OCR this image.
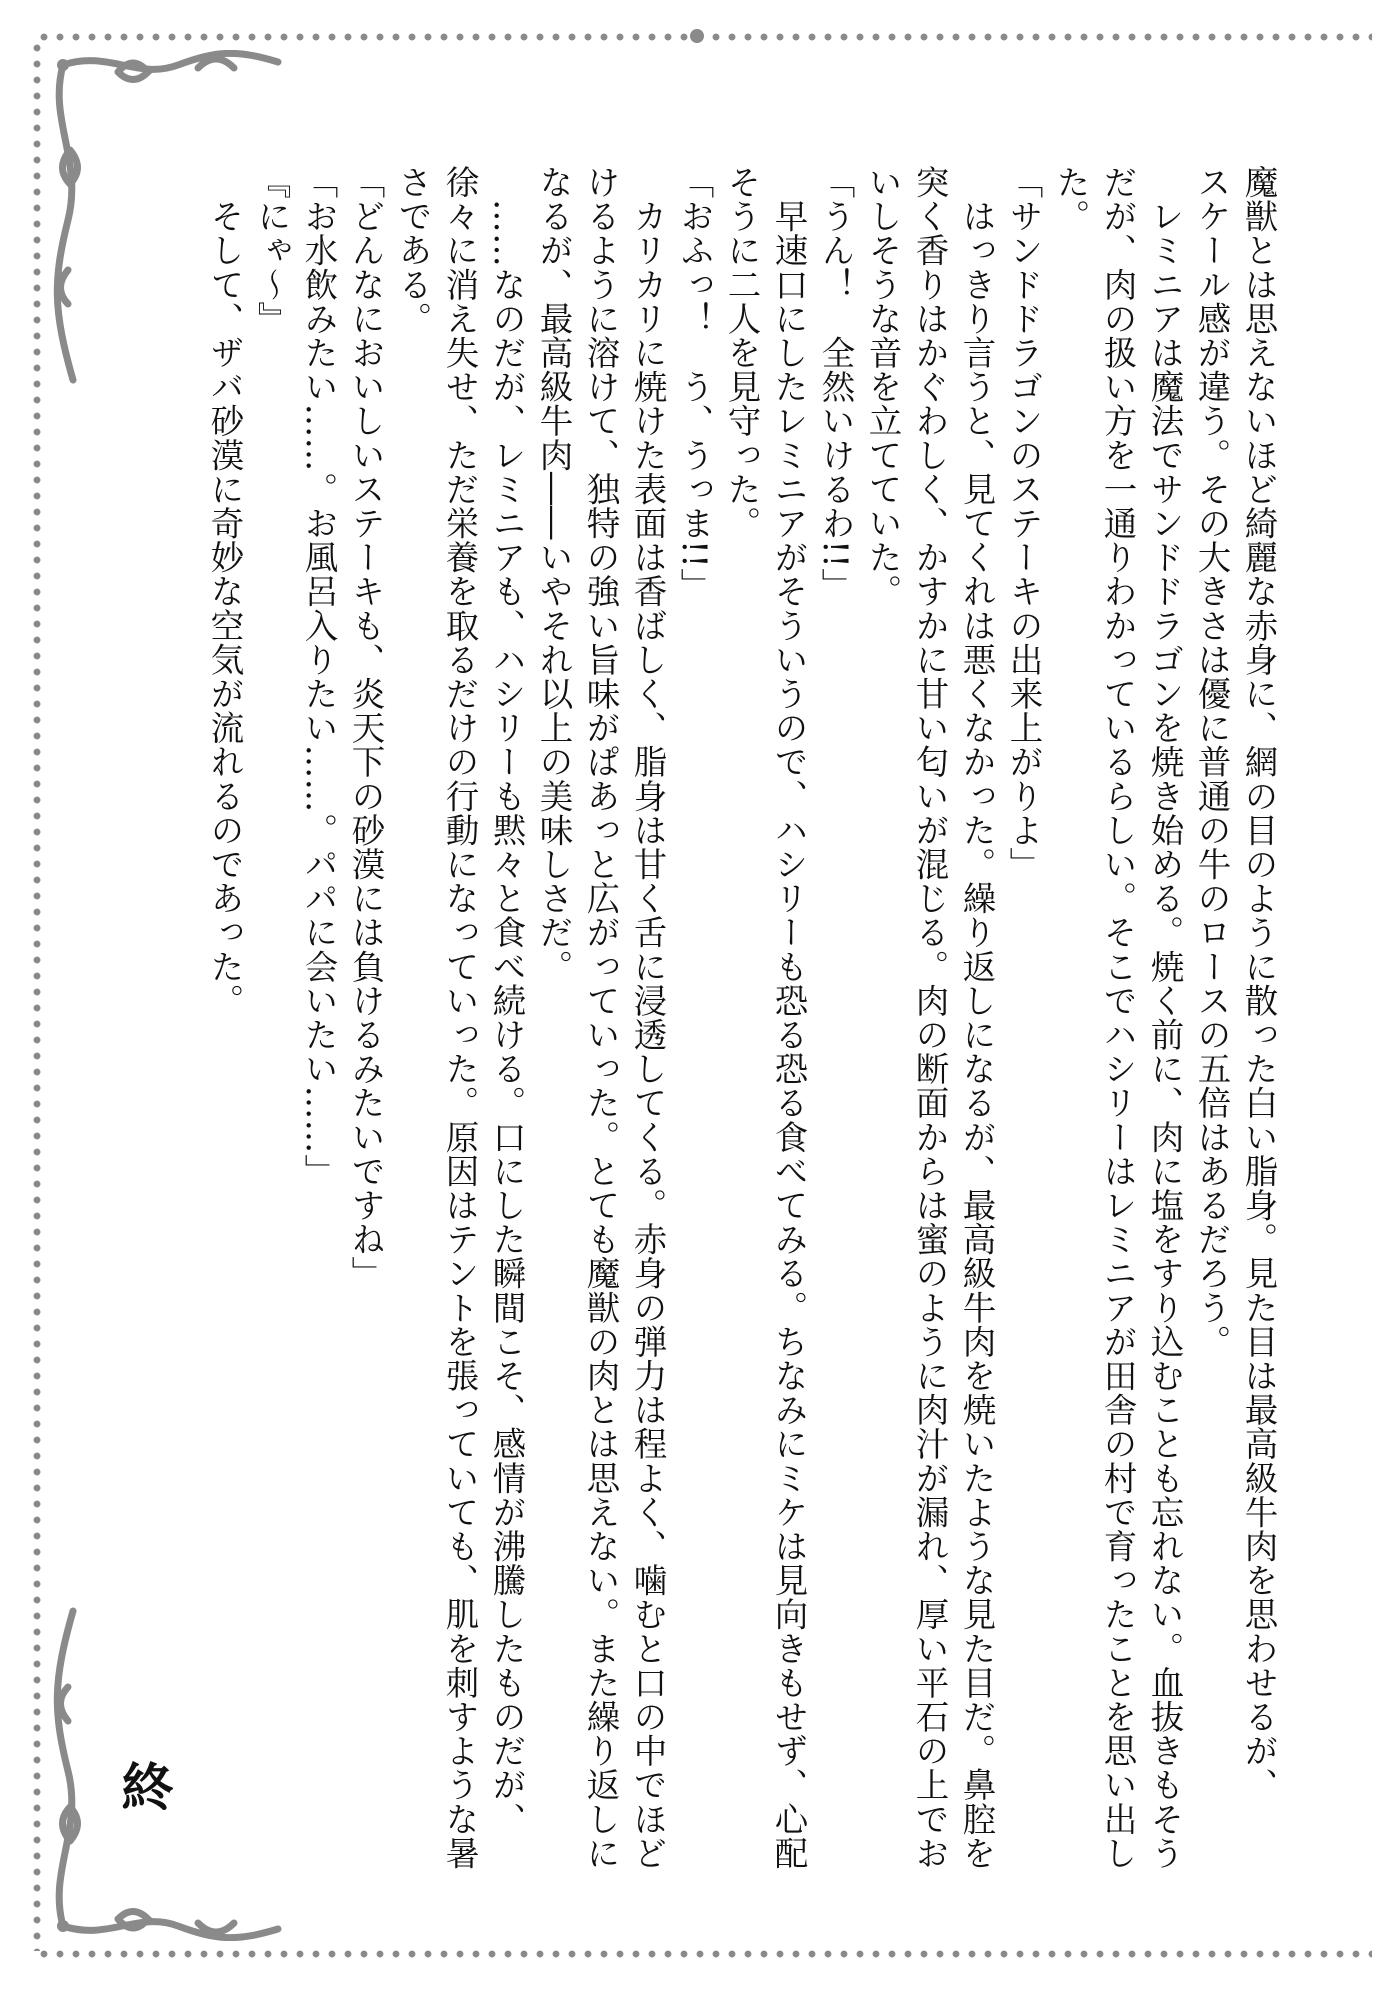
魔獣とは思えないほど綺麗な赤身に、網の目のように散った白い脂身。見た目は最高級牛肉を思わせるが、
スケール感が違う。その大きさは優に普通の牛のロースの五倍はあるだろう。
　レミニアは魔法でサンドドラゴンを焼き始める。焼く前に、肉に塩をすり込むことも忘れない。血抜きもそう
だが、肉の扱い方を一通りわかっているらしい。そこでハシリーはレミニアが田舎の村で育ったことを思い出し
た。
「サンドドラゴンのステーキの出来上がりよ」
　はっきり言うと、見てくれは悪くなかった。繰り返しになるが、最高級牛肉を焼いたような見た目だ。鼻腔を
突く香りはかぐわしく、かすかに甘い匂いが混じる。肉の断面からは蜜のように肉汁が漏れ、厚い平石の上でお
いしそうな音を立てていた。
「うん！　全然いけるわ!!」
　早速口にしたレミニアがそういうので、ハシリーも恐る恐る食べてみる。ちなみにミケは見向きもせず、心配
そうに二人を見守った。
「おふっ！　う、うっま!!」
　カリカリに焼けた表面は香ばしく、脂身は甘く舌に浸透してくる。赤身の弾力は程よく、噛むと口の中でほど
けるように溶けて、独特の強い旨味がぱあっと広がっていった。とても魔獣の肉とは思えない。また繰り返しに
なるが、最高級牛肉――いやそれ以上の美味しさだ。
　……なのだが、レミニアも、ハシリーも黙々と食べ続ける。口にした瞬間こそ、感情が沸騰したものだが、
徐々に消え失せ、ただ栄養を取るだけの行動になっていった。原因はテントを張っていても、肌を刺すような暑
さである。
「どんなにおいしいステーキも、炎天下の砂漠には負けるみたいですね」
「お水飲みたい……。お風呂入りたい……。パパに会いたい……」
『にゃ～』
　そして、ザバ砂漠に奇妙な空気が流れるのであった。
終
